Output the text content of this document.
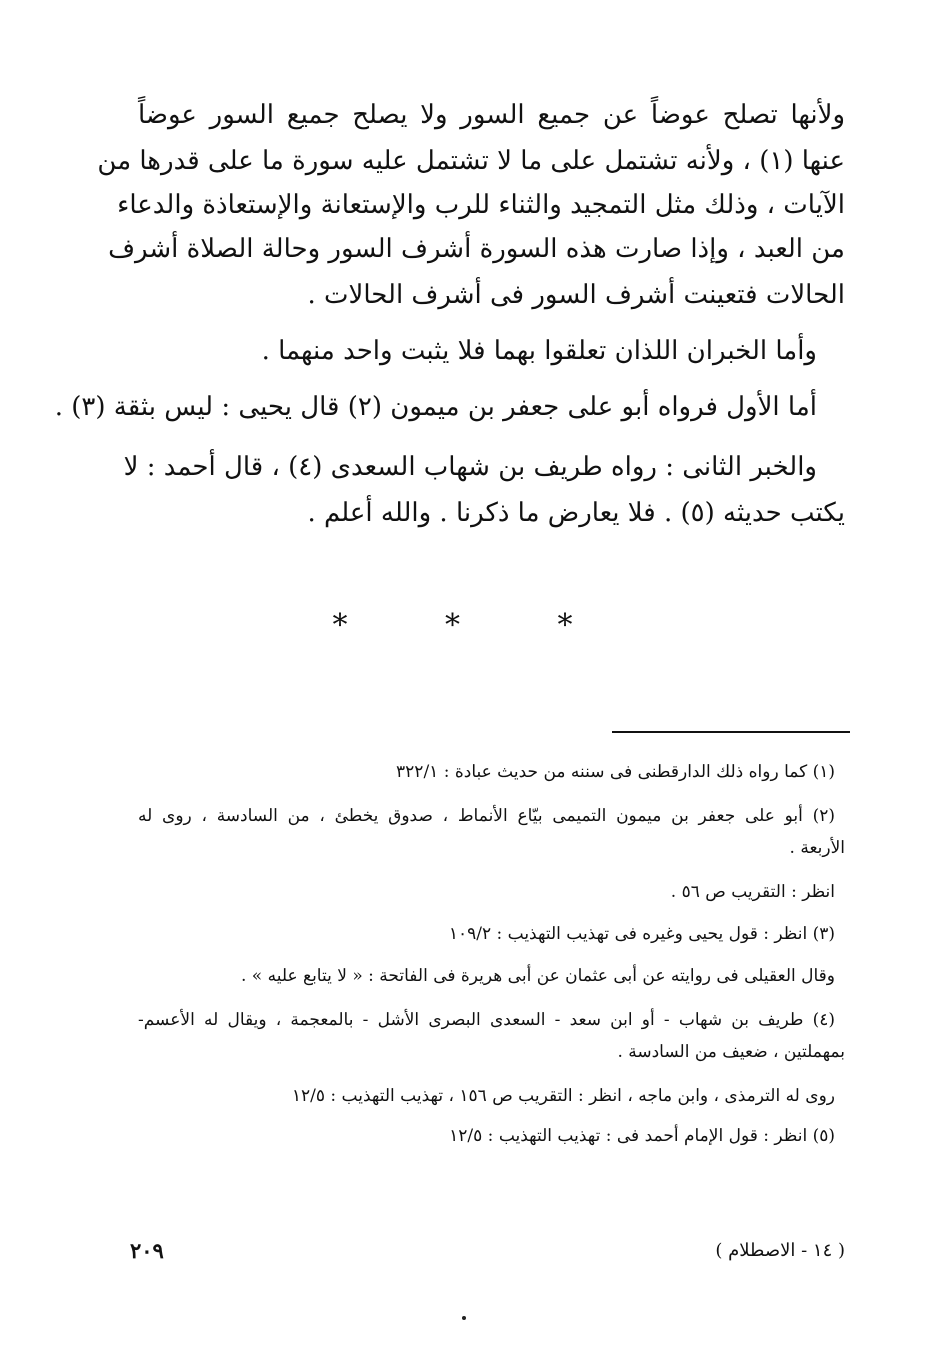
ولأنها تصلح عوضاً عن جميع السور ولا يصلح جميع السور عوضاً
عنها (١) ، ولأنه تشتمل على ما لا تشتمل عليه سورة ما على قدرها من
الآيات ، وذلك مثل التمجيد والثناء للرب والإستعانة والإستعاذة والدعاء
من العبد ، وإذا صارت هذه السورة أشرف السور وحالة الصلاة أشرف
الحالات فتعينت أشرف السور فى أشرف الحالات .
وأما الخبران اللذان تعلقوا بهما فلا يثبت واحد منهما .
أما الأول فرواه أبو على جعفر بن ميمون (٢) قال يحيى : ليس بثقة (٣) .
والخبر الثانى : رواه طريف بن شهاب السعدى (٤) ، قال أحمد : لا
يكتب حديثه (٥) . فلا يعارض ما ذكرنا . والله أعلم .
* * *
(١) كما رواه ذلك الدارقطنى فى سننه من حديث عبادة : ٣٢٢/١
(٢) أبو على جعفر بن ميمون التميمى بيّاع الأنماط ، صدوق يخطئ ، من السادسة ، روى له
الأربعة .
انظر : التقريب ص ٥٦ .
(٣) انظر : قول يحيى وغيره فى تهذيب التهذيب : ١٠٩/٢
وقال العقيلى فى روايته عن أبى عثمان عن أبى هريرة فى الفاتحة : « لا يتابع عليه » .
(٤) طريف بن شهاب - أو ابن سعد - السعدى البصرى الأشل - بالمعجمة ، ويقال له الأعسم-
بمهملتين ، ضعيف من السادسة .
روى له الترمذى ، وابن ماجه ، انظر : التقريب ص ١٥٦ ، تهذيب التهذيب : ١٢/٥
(٥) انظر : قول الإمام أحمد فى : تهذيب التهذيب : ١٢/٥
٢٠٩	( ١٤ - الاصطلام )
